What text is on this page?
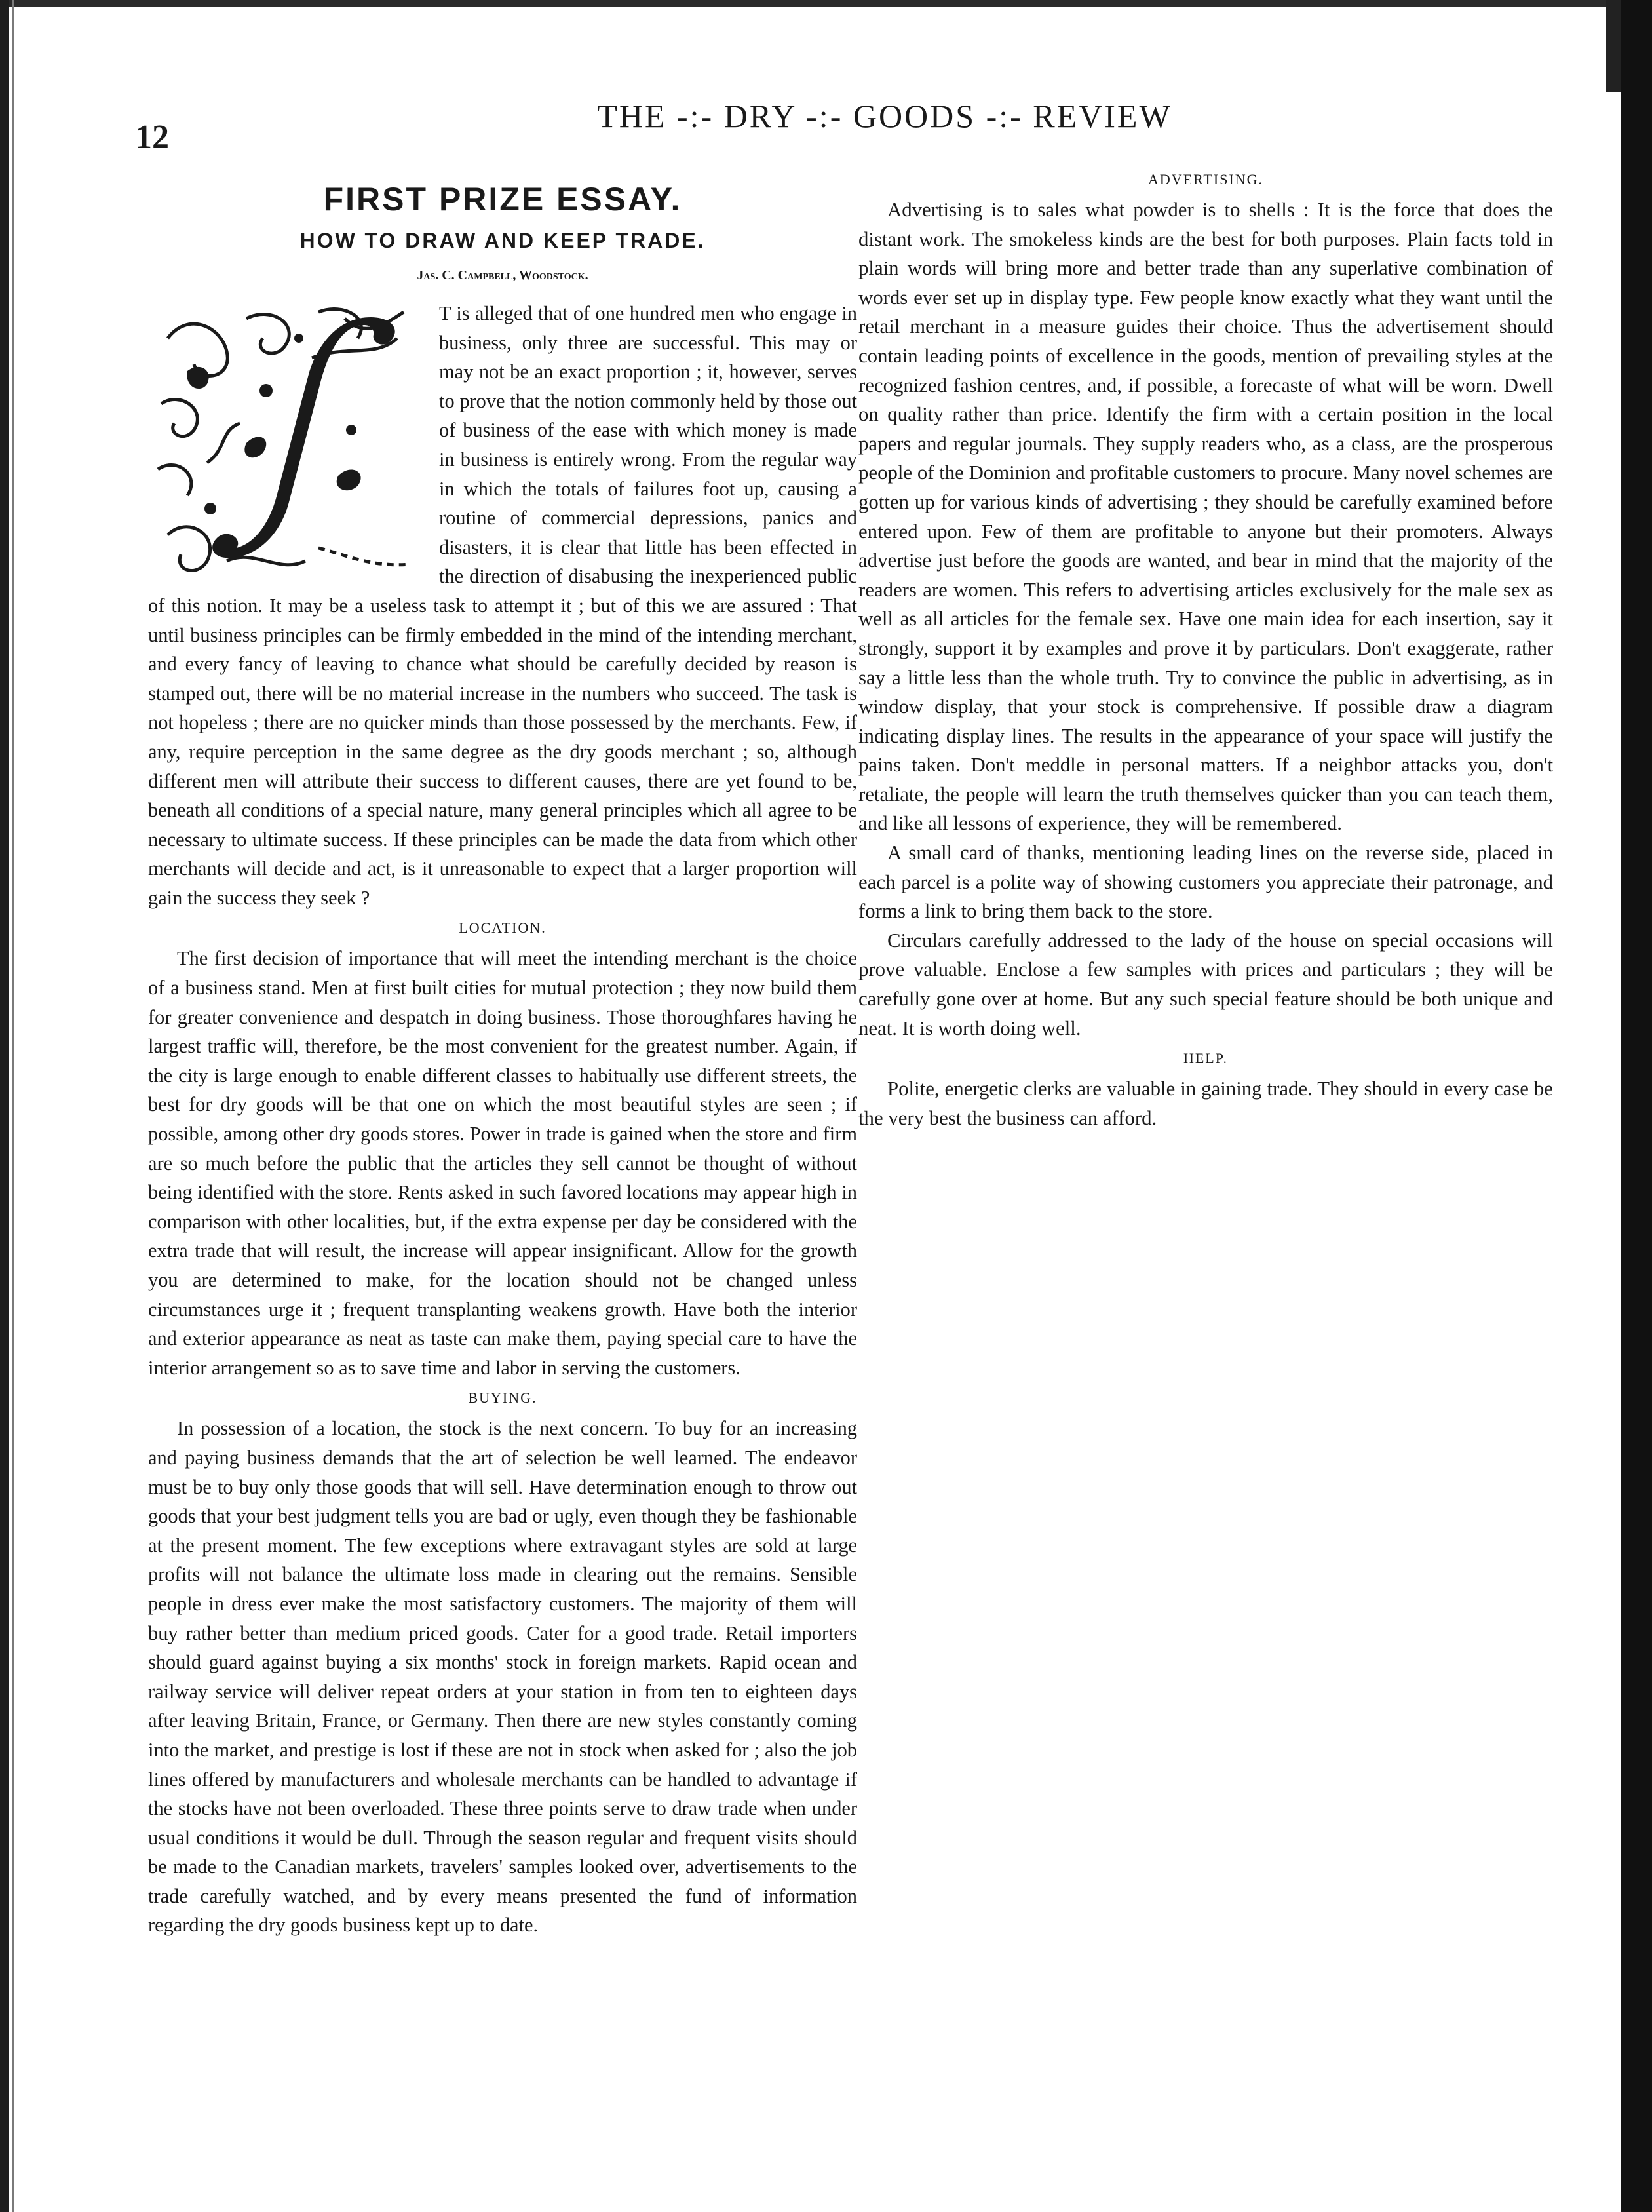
12
THE -:- DRY -:- GOODS -:- REVIEW
FIRST PRIZE ESSAY.
HOW TO DRAW AND KEEP TRADE.
Jas. C. Campbell, Woodstock.

T is alleged that of one hundred men who engage in business, only three are successful. This may or may not be an exact proportion ; it, however, serves to prove that the notion commonly held by those out of business of the ease with which money is made in business is entirely wrong. From the regular way in which the totals of failures foot up, causing a routine of commercial depressions, panics and disasters, it is clear that little has been effected in the direction of disabusing the inexperienced public of this notion. It may be a useless task to attempt it ; but of this we are assured : That until business principles can be firmly embedded in the mind of the intending merchant, and every fancy of leaving to chance what should be carefully decided by reason is stamped out, there will be no material increase in the numbers who succeed. The task is not hopeless ; there are no quicker minds than those possessed by the merchants. Few, if any, require perception in the same degree as the dry goods merchant ; so, although different men will attribute their success to different causes, there are yet found to be, beneath all conditions of a special nature, many general principles which all agree to be necessary to ultimate success. If these principles can be made the data from which other merchants will decide and act, is it unreasonable to expect that a larger proportion will gain the success they seek ?

LOCATION.

The first decision of importance that will meet the intending merchant is the choice of a business stand. Men at first built cities for mutual protection ; they now build them for greater convenience and despatch in doing business. Those thoroughfares having he largest traffic will, therefore, be the most convenient for the greatest number. Again, if the city is large enough to enable different classes to habitually use different streets, the best for dry goods will be that one on which the most beautiful styles are seen ; if possible, among other dry goods stores. Power in trade is gained when the store and firm are so much before the public that the articles they sell cannot be thought of without being identified with the store. Rents asked in such favored locations may appear high in comparison with other localities, but, if the extra expense per day be considered with the extra trade that will result, the increase will appear insignificant. Allow for the growth you are determined to make, for the location should not be changed unless circumstances urge it ; frequent transplanting weakens growth. Have both the interior and exterior appearance as neat as taste can make them, paying special care to have the interior arrangement so as to save time and labor in serving the customers.

BUYING.

In possession of a location, the stock is the next concern. To buy for an increasing and paying business demands that the art of selection be well learned. The endeavor must be to buy only those goods that will sell. Have determination enough to throw out goods that your best judgment tells you are bad or ugly, even though they be fashionable at the present moment. The few exceptions where extravagant styles are sold at large profits will not balance the ultimate loss made in clearing out the remains. Sensible people in dress ever make the most satisfactory customers. The majority of them will buy rather better than medium priced goods. Cater for a good trade. Retail importers should guard against buying a six months' stock in foreign markets. Rapid ocean and railway service will deliver repeat orders at your station in from ten to eighteen days after leaving Britain, France, or Germany. Then there are new styles constantly coming into the market, and prestige is lost if these are not in stock when asked for ; also the job lines offered by manufacturers and wholesale merchants can be handled to advantage if the stocks have not been overloaded. These three points serve to draw trade when under usual conditions it would be dull. Through the season regular and frequent visits should be made to the Canadian markets, travelers' samples looked over, advertisements to the trade carefully watched, and by every means presented the fund of information regarding the dry goods business kept up to date.

ADVERTISING.

Advertising is to sales what powder is to shells : It is the force that does the distant work. The smokeless kinds are the best for both purposes. Plain facts told in plain words will bring more and better trade than any superlative combination of words ever set up in display type. Few people know exactly what they want until the retail merchant in a measure guides their choice. Thus the advertisement should contain leading points of excellence in the goods, mention of prevailing styles at the recognized fashion centres, and, if possible, a forecaste of what will be worn. Dwell on quality rather than price. Identify the firm with a certain position in the local papers and regular journals. They supply readers who, as a class, are the prosperous people of the Dominion and profitable customers to procure. Many novel schemes are gotten up for various kinds of advertising ; they should be carefully examined before entered upon. Few of them are profitable to anyone but their promoters. Always advertise just before the goods are wanted, and bear in mind that the majority of the readers are women. This refers to advertising articles exclusively for the male sex as well as all articles for the female sex. Have one main idea for each insertion, say it strongly, support it by examples and prove it by particulars. Don't exaggerate, rather say a little less than the whole truth. Try to convince the public in advertising, as in window display, that your stock is comprehensive. If possible draw a diagram indicating display lines. The results in the appearance of your space will justify the pains taken. Don't meddle in personal matters. If a neighbor attacks you, don't retaliate, the people will learn the truth themselves quicker than you can teach them, and like all lessons of experience, they will be remembered.

A small card of thanks, mentioning leading lines on the reverse side, placed in each parcel is a polite way of showing customers you appreciate their patronage, and forms a link to bring them back to the store.

Circulars carefully addressed to the lady of the house on special occasions will prove valuable. Enclose a few samples with prices and particulars ; they will be carefully gone over at home. But any such special feature should be both unique and neat. It is worth doing well.

HELP.

Polite, energetic clerks are valuable in gaining trade. They should in every case be the very best the business can afford.
